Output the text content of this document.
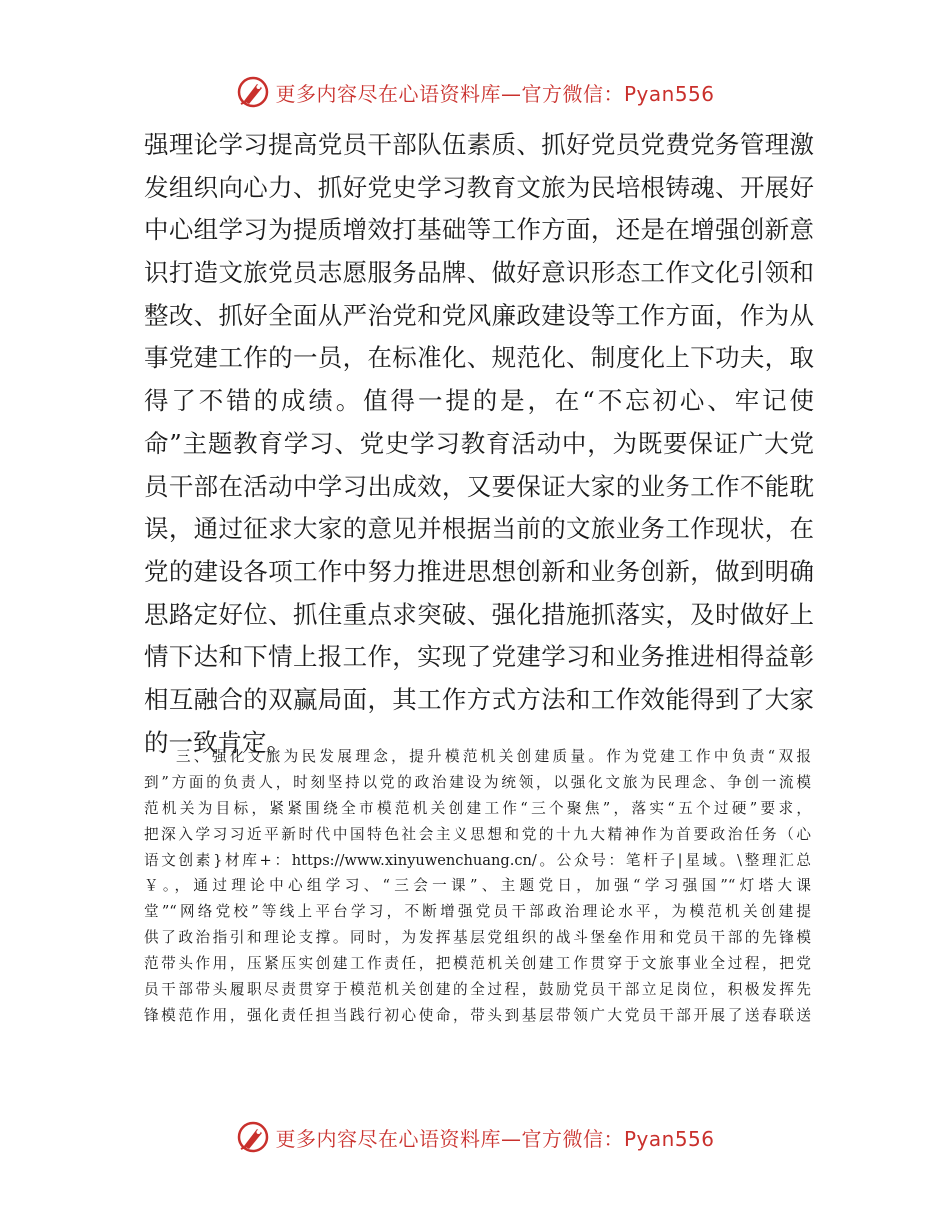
更多内容尽在心语资料库—官方微信：Pyan556
强理论学习提高党员干部队伍素质、抓好党员党费党务管理激
发组织向心力、抓好党史学习教育文旅为民培根铸魂、开展好
中心组学习为提质增效打基础等工作方面，还是在增强创新意
识打造文旅党员志愿服务品牌、做好意识形态工作文化引领和
整改、抓好全面从严治党和党风廉政建设等工作方面，作为从
事党建工作的一员，在标准化、规范化、制度化上下功夫，取
得了不错的成绩。值得一提的是，在“不忘初心、牢记使
命”主题教育学习、党史学习教育活动中，为既要保证广大党
员干部在活动中学习出成效，又要保证大家的业务工作不能耽
误，通过征求大家的意见并根据当前的文旅业务工作现状，在
党的建设各项工作中努力推进思想创新和业务创新，做到明确
思路定好位、抓住重点求突破、强化措施抓落实，及时做好上
情下达和下情上报工作，实现了党建学习和业务推进相得益彰
相互融合的双赢局面，其工作方式方法和工作效能得到了大家
的一致肯定。
三、强化文旅为民发展理念，提升模范机关创建质量。作为党建工作中负责“双报
到”方面的负责人，时刻坚持以党的政治建设为统领，以强化文旅为民理念、争创一流模
范机关为目标，紧紧围绕全市模范机关创建工作“三个聚焦”，落实“五个过硬”要求，
把深入学习习近平新时代中国特色社会主义思想和党的十九大精神作为首要政治任务（心
语文创素}材库+：https://www.xinyuwenchuang.cn/。公众号：笔杆子|星域。\整理汇总
￥。，通过理论中心组学习、“三会一课”、主题党日，加强“学习强国”“灯塔大课
堂”“网络党校”等线上平台学习，不断增强党员干部政治理论水平，为模范机关创建提
供了政治指引和理论支撑。同时，为发挥基层党组织的战斗堡垒作用和党员干部的先锋模
范带头作用，压紧压实创建工作责任，把模范机关创建工作贯穿于文旅事业全过程，把党
员干部带头履职尽责贯穿于模范机关创建的全过程，鼓励党员干部立足岗位，积极发挥先
锋模范作用，强化责任担当践行初心使命，带头到基层带领广大党员干部开展了送春联送
更多内容尽在心语资料库—官方微信：Pyan556
